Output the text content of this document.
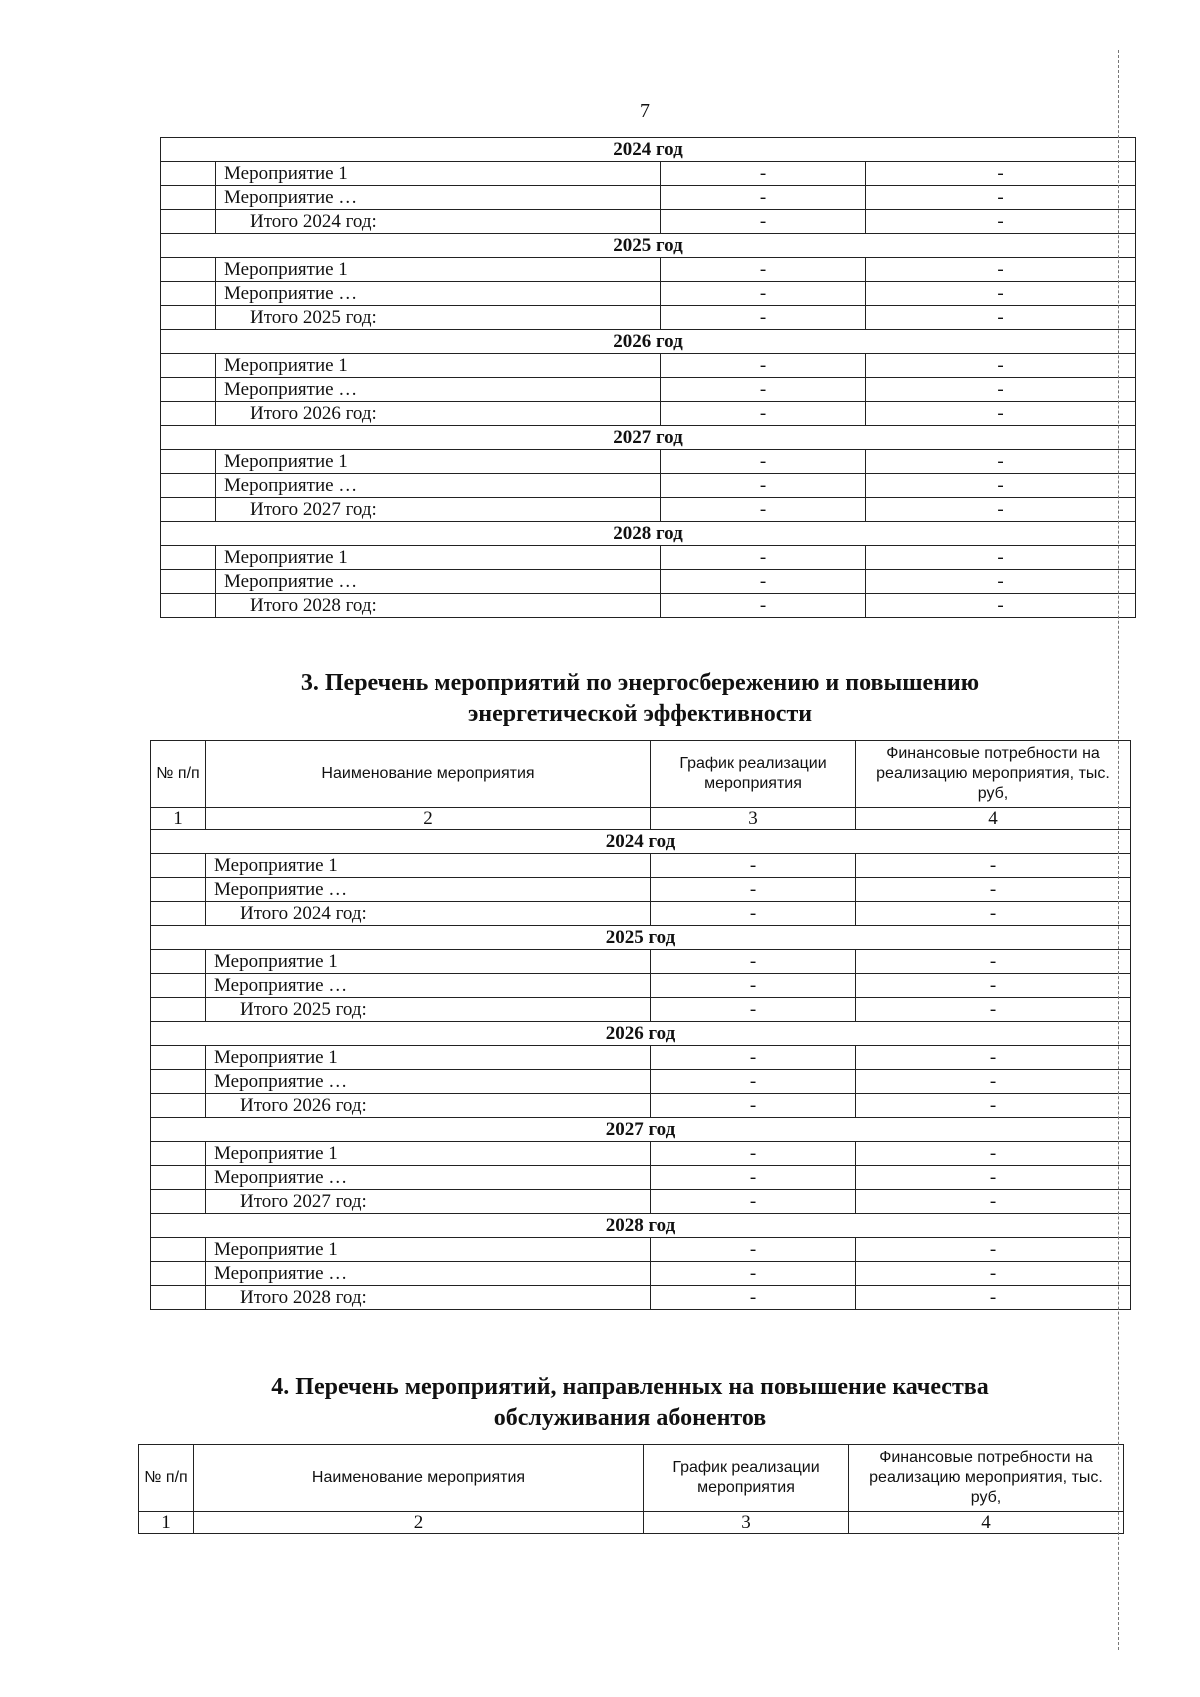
7
2024 год			
	Мероприятие 1	-	-
	Мероприятие …	-	-
	Итого 2024 год:	-	-
2025 год			
	Мероприятие 1	-	-
	Мероприятие …	-	-
	Итого 2025 год:	-	-
2026 год			
	Мероприятие 1	-	-
	Мероприятие …	-	-
	Итого 2026 год:	-	-
2027 год			
	Мероприятие 1	-	-
	Мероприятие …	-	-
	Итого 2027 год:	-	-
2028 год			
	Мероприятие 1	-	-
	Мероприятие …	-	-
	Итого 2028 год:	-	-
3. Перечень мероприятий по энергосбережению и повышению
энергетической эффективности
№ п/п	Наименование мероприятия	График реализации мероприятия	Финансовые потребности на реализацию мероприятия, тыс. руб,
1	2	3	4
2024 год			
	Мероприятие 1	-	-
	Мероприятие …	-	-
	Итого 2024 год:	-	-
2025 год			
	Мероприятие 1	-	-
	Мероприятие …	-	-
	Итого 2025 год:	-	-
2026 год			
	Мероприятие 1	-	-
	Мероприятие …	-	-
	Итого 2026 год:	-	-
2027 год			
	Мероприятие 1	-	-
	Мероприятие …	-	-
	Итого 2027 год:	-	-
2028 год			
	Мероприятие 1	-	-
	Мероприятие …	-	-
	Итого 2028 год:	-	-
4. Перечень мероприятий, направленных на повышение качества
обслуживания абонентов
№ п/п	Наименование мероприятия	График реализации мероприятия	Финансовые потребности на реализацию мероприятия, тыс. руб,
1	2	3	4
